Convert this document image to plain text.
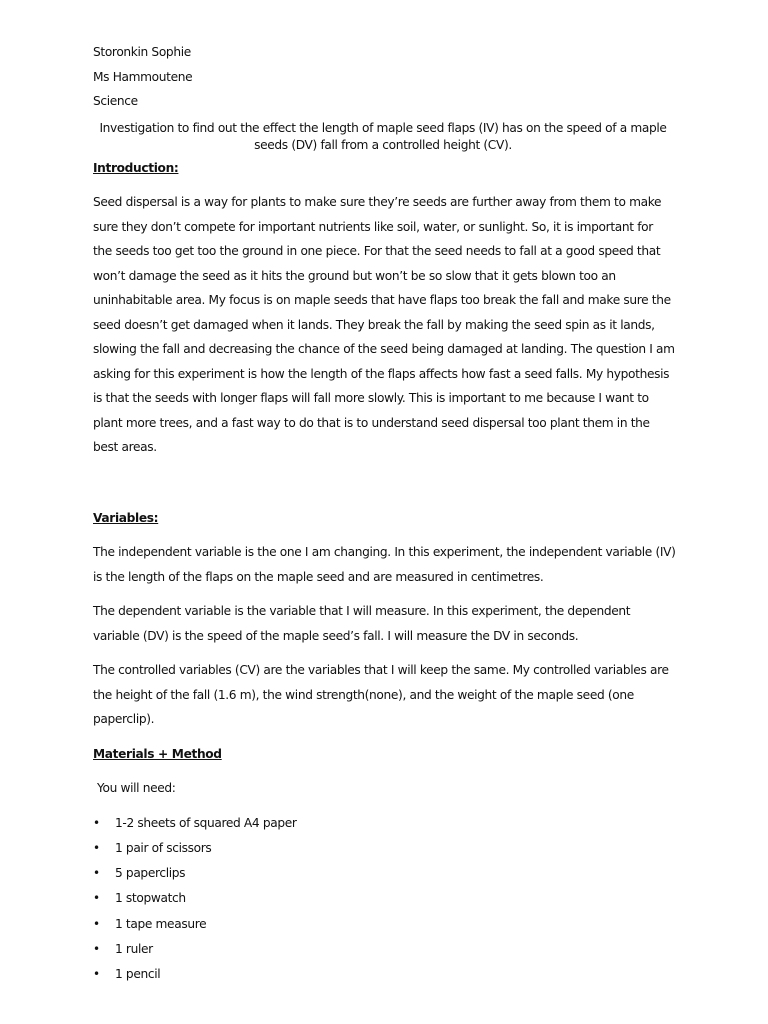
Storonkin Sophie
Ms Hammoutene
Science
Investigation to find out the effect the length of maple seed flaps (IV) has on the speed of a maple seeds (DV) fall from a controlled height (CV).
Introduction:
Seed dispersal is a way for plants to make sure they’re seeds are further away from them to make
sure they don’t compete for important nutrients like soil, water, or sunlight. So, it is important for
the seeds too get too the ground in one piece. For that the seed needs to fall at a good speed that
won’t damage the seed as it hits the ground but won’t be so slow that it gets blown too an
uninhabitable area. My focus is on maple seeds that have flaps too break the fall and make sure the
seed doesn’t get damaged when it lands. They break the fall by making the seed spin as it lands,
slowing the fall and decreasing the chance of the seed being damaged at landing. The question I am
asking for this experiment is how the length of the flaps affects how fast a seed falls. My hypothesis
is that the seeds with longer flaps will fall more slowly. This is important to me because I want to
plant more trees, and a fast way to do that is to understand seed dispersal too plant them in the
best areas.
Variables:
The independent variable is the one I am changing. In this experiment, the independent variable (IV)
is the length of the flaps on the maple seed and are measured in centimetres.
The dependent variable is the variable that I will measure. In this experiment, the dependent
variable (DV) is the speed of the maple seed’s fall. I will measure the DV in seconds.
The controlled variables (CV) are the variables that I will keep the same. My controlled variables are
the height of the fall (1.6 m), the wind strength(none), and the weight of the maple seed (one
paperclip).
Materials + Method
You will need:
• 1-2 sheets of squared A4 paper
• 1 pair of scissors
• 5 paperclips
• 1 stopwatch
• 1 tape measure
• 1 ruler
• 1 pencil
